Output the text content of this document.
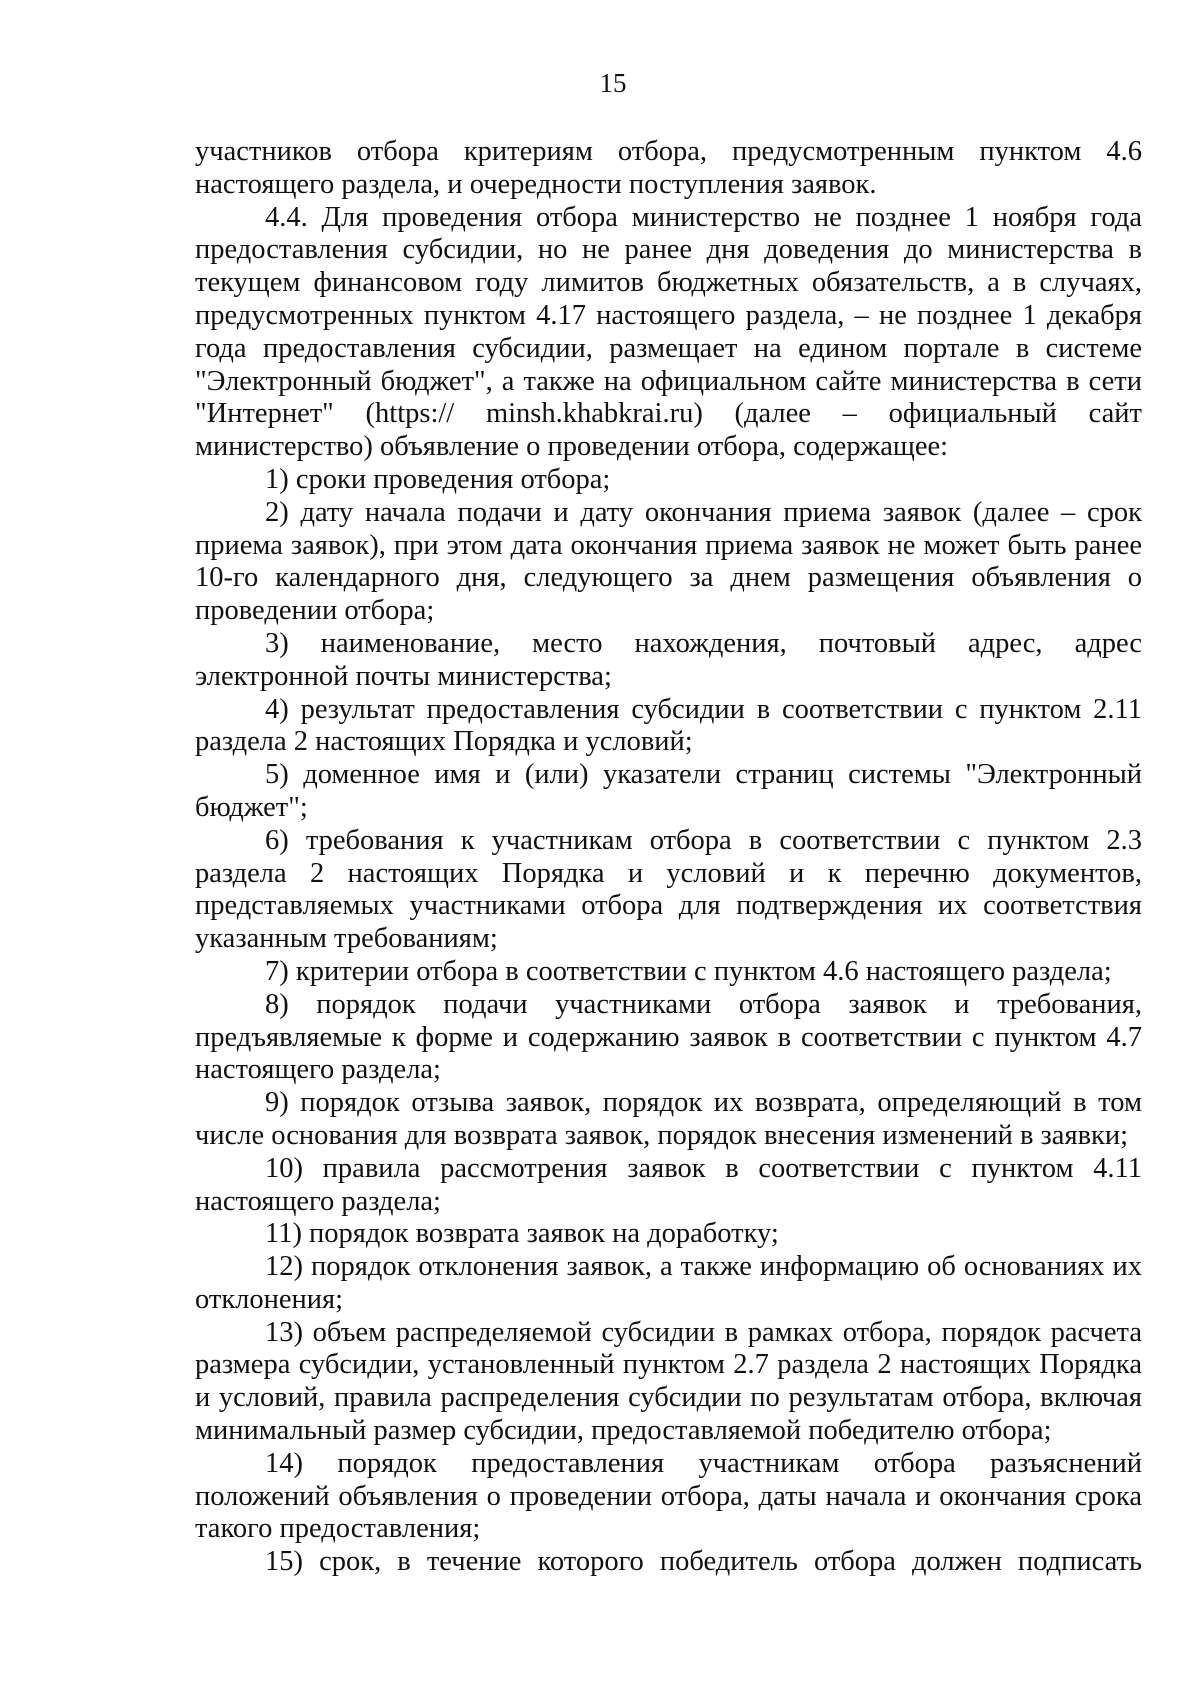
15

участников отбора критериям отбора, предусмотренным пунктом 4.6 настоящего раздела, и очередности поступления заявок.

4.4. Для проведения отбора министерство не позднее 1 ноября года предоставления субсидии, но не ранее дня доведения до министерства в текущем финансовом году лимитов бюджетных обязательств, а в случаях, предусмотренных пунктом 4.17 настоящего раздела, – не позднее 1 декабря года предоставления субсидии, размещает на едином портале в системе "Электронный бюджет", а также на официальном сайте министерства в сети "Интернет" (https:// minsh.khabkrai.ru) (далее – официальный сайт министерство) объявление о проведении отбора, содержащее:

1) сроки проведения отбора;

2) дату начала подачи и дату окончания приема заявок (далее – срок приема заявок), при этом дата окончания приема заявок не может быть ранее 10-го календарного дня, следующего за днем размещения объявления о проведении отбора;

3) наименование, место нахождения, почтовый адрес, адрес электронной почты министерства;

4) результат предоставления субсидии в соответствии с пунктом 2.11 раздела 2 настоящих Порядка и условий;

5) доменное имя и (или) указатели страниц системы "Электронный бюджет";

6) требования к участникам отбора в соответствии с пунктом 2.3 раздела 2 настоящих Порядка и условий и к перечню документов, представляемых участниками отбора для подтверждения их соответствия указанным требованиям;

7) критерии отбора в соответствии с пунктом 4.6 настоящего раздела;

8) порядок подачи участниками отбора заявок и требования, предъявляемые к форме и содержанию заявок в соответствии с пунктом 4.7 настоящего раздела;

9) порядок отзыва заявок, порядок их возврата, определяющий в том числе основания для возврата заявок, порядок внесения изменений в заявки;

10) правила рассмотрения заявок в соответствии с пунктом 4.11 настоящего раздела;

11) порядок возврата заявок на доработку;

12) порядок отклонения заявок, а также информацию об основаниях их отклонения;

13) объем распределяемой субсидии в рамках отбора, порядок расчета размера субсидии, установленный пунктом 2.7 раздела 2 настоящих Порядка и условий, правила распределения субсидии по результатам отбора, включая минимальный размер субсидии, предоставляемой победителю отбора;

14) порядок предоставления участникам отбора разъяснений положений объявления о проведении отбора, даты начала и окончания срока такого предоставления;

15) срок, в течение которого победитель отбора должен подписать
